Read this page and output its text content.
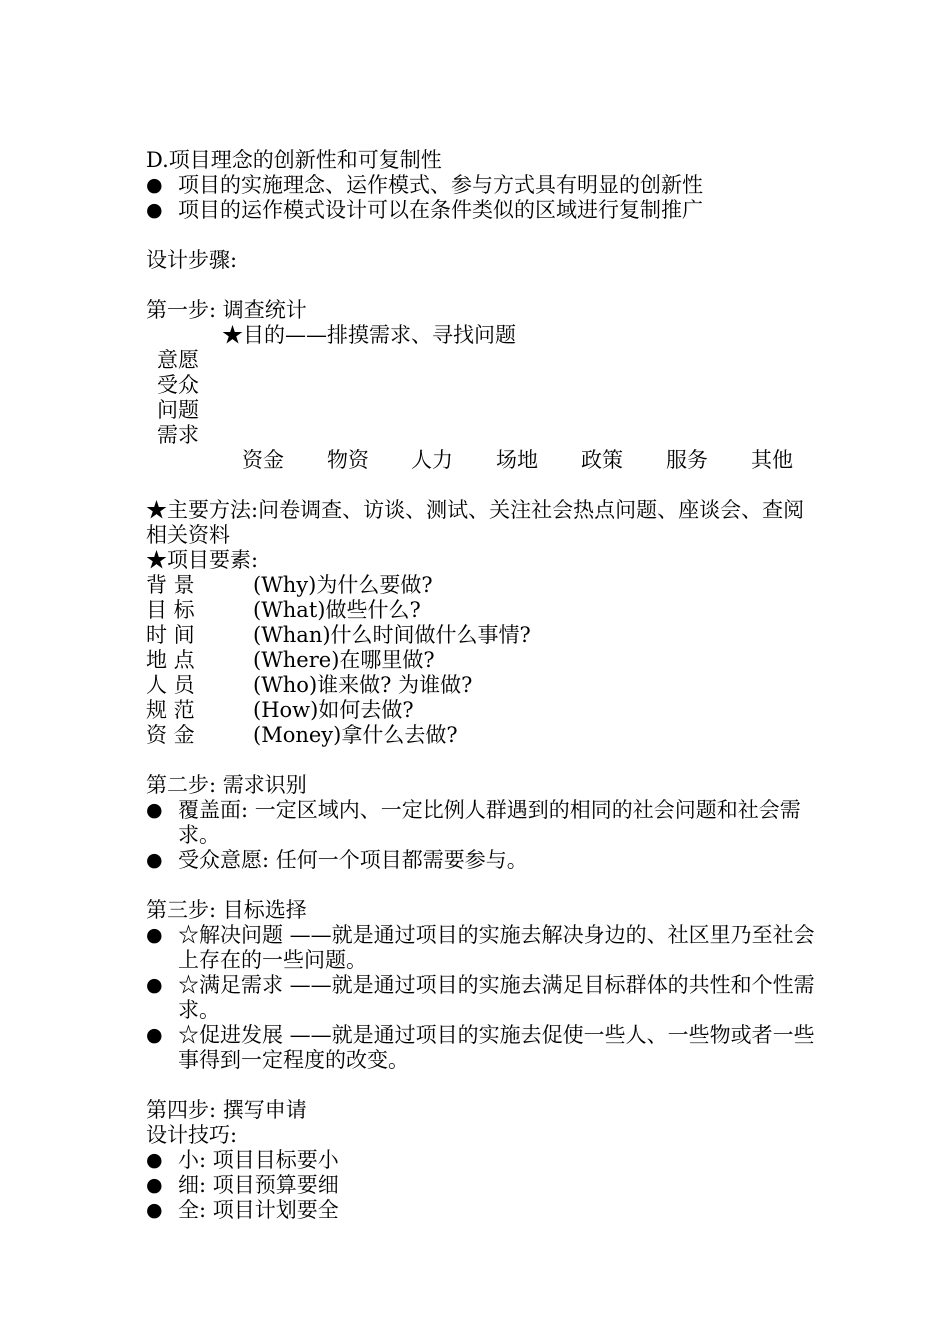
D.项目理念的创新性和可复制性
● 项目的实施理念、运作模式、参与方式具有明显的创新性
● 项目的运作模式设计可以在条件类似的区域进行复制推广
设计步骤:
第一步: 调查统计
★目的——排摸需求、寻找问题
意愿
受众
问题
需求
资金 物资 人力 场地 政策 服务 其他
★主要方法:问卷调查、访谈、测试、关注社会热点问题、座谈会、查阅相关资料
★项目要素:
背 景	(Why)为什么要做?
目 标	(What)做些什么?
时 间	(Whan)什么时间做什么事情?
地 点	(Where)在哪里做?
人 员	(Who)谁来做? 为谁做?
规 范	(How)如何去做?
资 金	(Money)拿什么去做?
第二步: 需求识别
● 覆盖面: 一定区域内、一定比例人群遇到的相同的社会问题和社会需求。
● 受众意愿: 任何一个项目都需要参与。
第三步: 目标选择
● ☆解决问题 ——就是通过项目的实施去解决身边的、社区里乃至社会上存在的一些问题。
● ☆满足需求 ——就是通过项目的实施去满足目标群体的共性和个性需求。
● ☆促进发展 ——就是通过项目的实施去促使一些人、一些物或者一些事得到一定程度的改变。
第四步: 撰写申请
设计技巧:
● 小: 项目目标要小
● 细: 项目预算要细
● 全: 项目计划要全
